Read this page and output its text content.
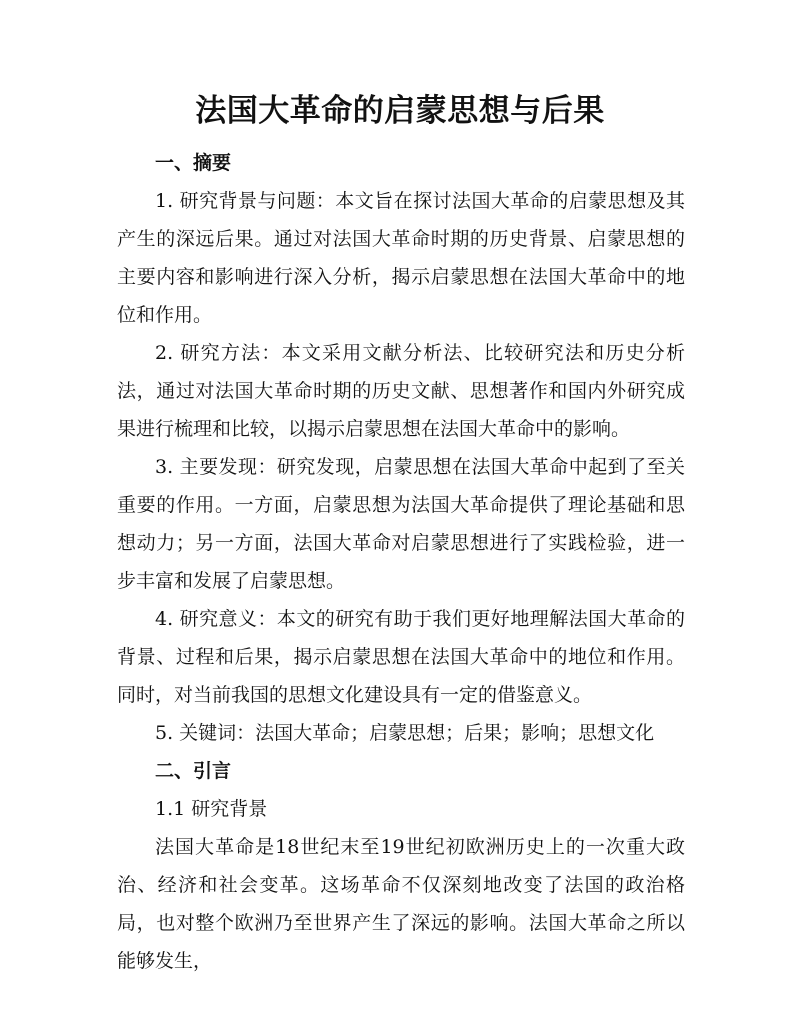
法国大革命的启蒙思想与后果
一、摘要

1. 研究背景与问题：本文旨在探讨法国大革命的启蒙思想及其产生的深远后果。通过对法国大革命时期的历史背景、启蒙思想的主要内容和影响进行深入分析，揭示启蒙思想在法国大革命中的地位和作用。

2. 研究方法：本文采用文献分析法、比较研究法和历史分析法，通过对法国大革命时期的历史文献、思想著作和国内外研究成果进行梳理和比较，以揭示启蒙思想在法国大革命中的影响。

3. 主要发现：研究发现，启蒙思想在法国大革命中起到了至关重要的作用。一方面，启蒙思想为法国大革命提供了理论基础和思想动力；另一方面，法国大革命对启蒙思想进行了实践检验，进一步丰富和发展了启蒙思想。

4. 研究意义：本文的研究有助于我们更好地理解法国大革命的背景、过程和后果，揭示启蒙思想在法国大革命中的地位和作用。同时，对当前我国的思想文化建设具有一定的借鉴意义。

5. 关键词：法国大革命；启蒙思想；后果；影响；思想文化

二、引言
1.1 研究背景

法国大革命是18世纪末至19世纪初欧洲历史上的一次重大政治、经济和社会变革。这场革命不仅深刻地改变了法国的政治格局，也对整个欧洲乃至世界产生了深远的影响。法国大革命之所以能够发生，
